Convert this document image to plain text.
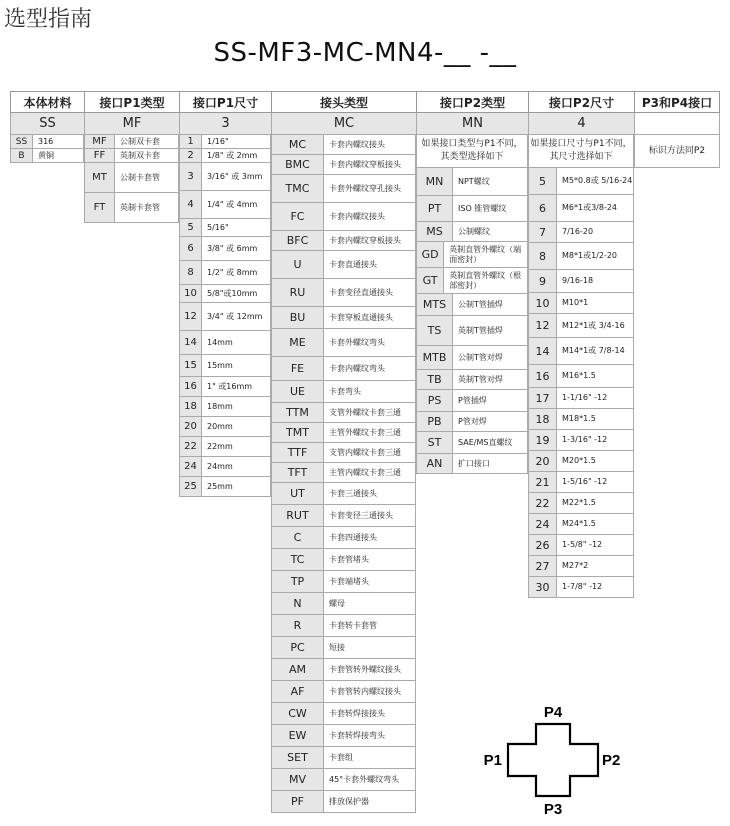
选型指南
SS-MF3-MC-MN4-__ -__
本体材料	接口P1类型	接口P1尺寸	接头类型	接口P2类型	接口P2尺寸	P3和P4接口
SS	MF	3	MC	MN	4
SS	316
B	黄铜
MF	公制双卡套
FF	英制双卡套
MT	公制卡套管
FT	英制卡套管
1	1/16"
2	1/8" 或 2mm
3	3/16" 或 3mm
4	1/4" 或 4mm
5	5/16"
6	3/8" 或 6mm
8	1/2" 或 8mm
10	5/8"或10mm
12	3/4" 或 12mm
14	14mm
15	15mm
16	1" 或16mm
18	18mm
20	20mm
22	22mm
24	24mm
25	25mm
MC	卡套内螺纹接头
BMC	卡套内螺纹穿板接头
TMC	卡套外螺纹穿孔接头
FC	卡套内螺纹接头
BFC	卡套内螺纹穿板接头
U	卡套直通接头
RU	卡套变径直通接头
BU	卡套穿板直通接头
ME	卡套外螺纹弯头
FE	卡套内螺纹弯头
UE	卡套弯头
TTM	支管外螺纹卡套三通
TMT	主管外螺纹卡套三通
TTF	支管内螺纹卡套三通
TFT	主管内螺纹卡套三通
UT	卡套三通接头
RUT	卡套变径三通接头
C	卡套四通接头
TC	卡套管堵头
TP	卡套端堵头
N	螺母
R	卡套转卡套管
PC	短接
AM	卡套管转外螺纹接头
AF	卡套管转内螺纹接头
CW	卡套转焊接接头
EW	卡套转焊接弯头
SET	卡套组
MV	45°卡套外螺纹弯头
PF	排放保护器
如果接口类型与P1不同，其类型选择如下
MN	NPT螺纹
PT	ISO 锥管螺纹
MS	公制螺纹
GD	英制直管外螺纹（端面密封）
GT	英制直管外螺纹（根部密封）
MTS	公制T管插焊
TS	英制T管插焊
MTB	公制T管对焊
TB	英制T管对焊
PS	P管插焊
PB	P管对焊
ST	SAE/MS直螺纹
AN	扩口接口
如果接口尺寸与P1不同，其尺寸选择如下
5	M5*0.8或 5/16-24
6	M6*1或3/8-24
7	7/16-20
8	M8*1或1/2-20
9	9/16-18
10	M10*1
12	M12*1或 3/4-16
14	M14*1或 7/8-14
16	M16*1.5
17	1-1/16" -12
18	M18*1.5
19	1-3/16" -12
20	M20*1.5
21	1-5/16" -12
22	M22*1.5
24	M24*1.5
26	1-5/8" -12
27	M27*2
30	1-7/8" -12
标识方法同P2
P4
P1	P2
P3
